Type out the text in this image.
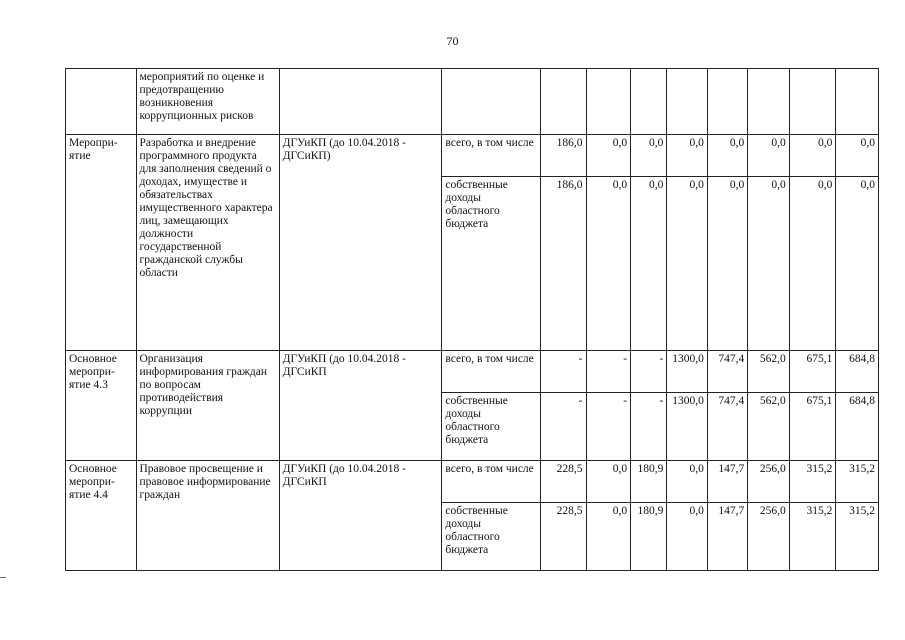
70
	мероприятий по оценке и предотвращению возникновения коррупционных рисков										
Меропри-ятие	Разработка и внедрение программного продукта для заполнения сведений о доходах, имуществе и обязательствах имущественного характера лиц, замещающих должности государственной гражданской службы области	ДГУиКП (до 10.04.2018 - ДГСиКП)	всего, в том числе	186,0	0,0	0,0	0,0	0,0	0,0	0,0	0,0
			собственные доходы областного бюджета	186,0	0,0	0,0	0,0	0,0	0,0	0,0	0,0
Основное меропри-ятие 4.3	Организация информирования граждан по вопросам противодействия коррупции	ДГУиКП (до 10.04.2018 - ДГСиКП	всего, в том числе	-	-	-	1300,0	747,4	562,0	675,1	684,8
			собственные доходы областного бюджета	-	-	-	1300,0	747,4	562,0	675,1	684,8
Основное меропри-ятие 4.4	Правовое просвещение и правовое информирование граждан	ДГУиКП (до 10.04.2018 - ДГСиКП	всего, в том числе	228,5	0,0	180,9	0,0	147,7	256,0	315,2	315,2
			собственные доходы областного бюджета	228,5	0,0	180,9	0,0	147,7	256,0	315,2	315,2
